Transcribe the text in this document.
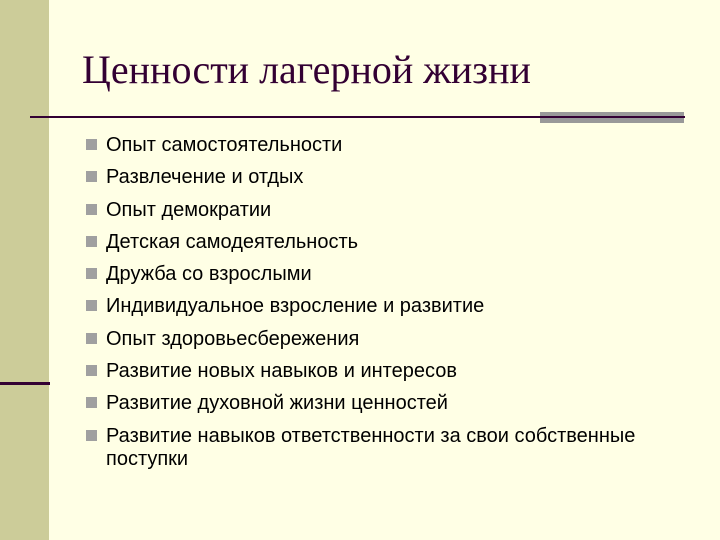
Ценности лагерной жизни
Опыт самостоятельности
Развлечение и отдых
Опыт демократии
Детская самодеятельность
Дружба со взрослыми
Индивидуальное взросление и развитие
Опыт здоровьесбережения
Развитие новых навыков и интересов
Развитие духовной жизни ценностей
Развитие навыков ответственности за свои собственные поступки
